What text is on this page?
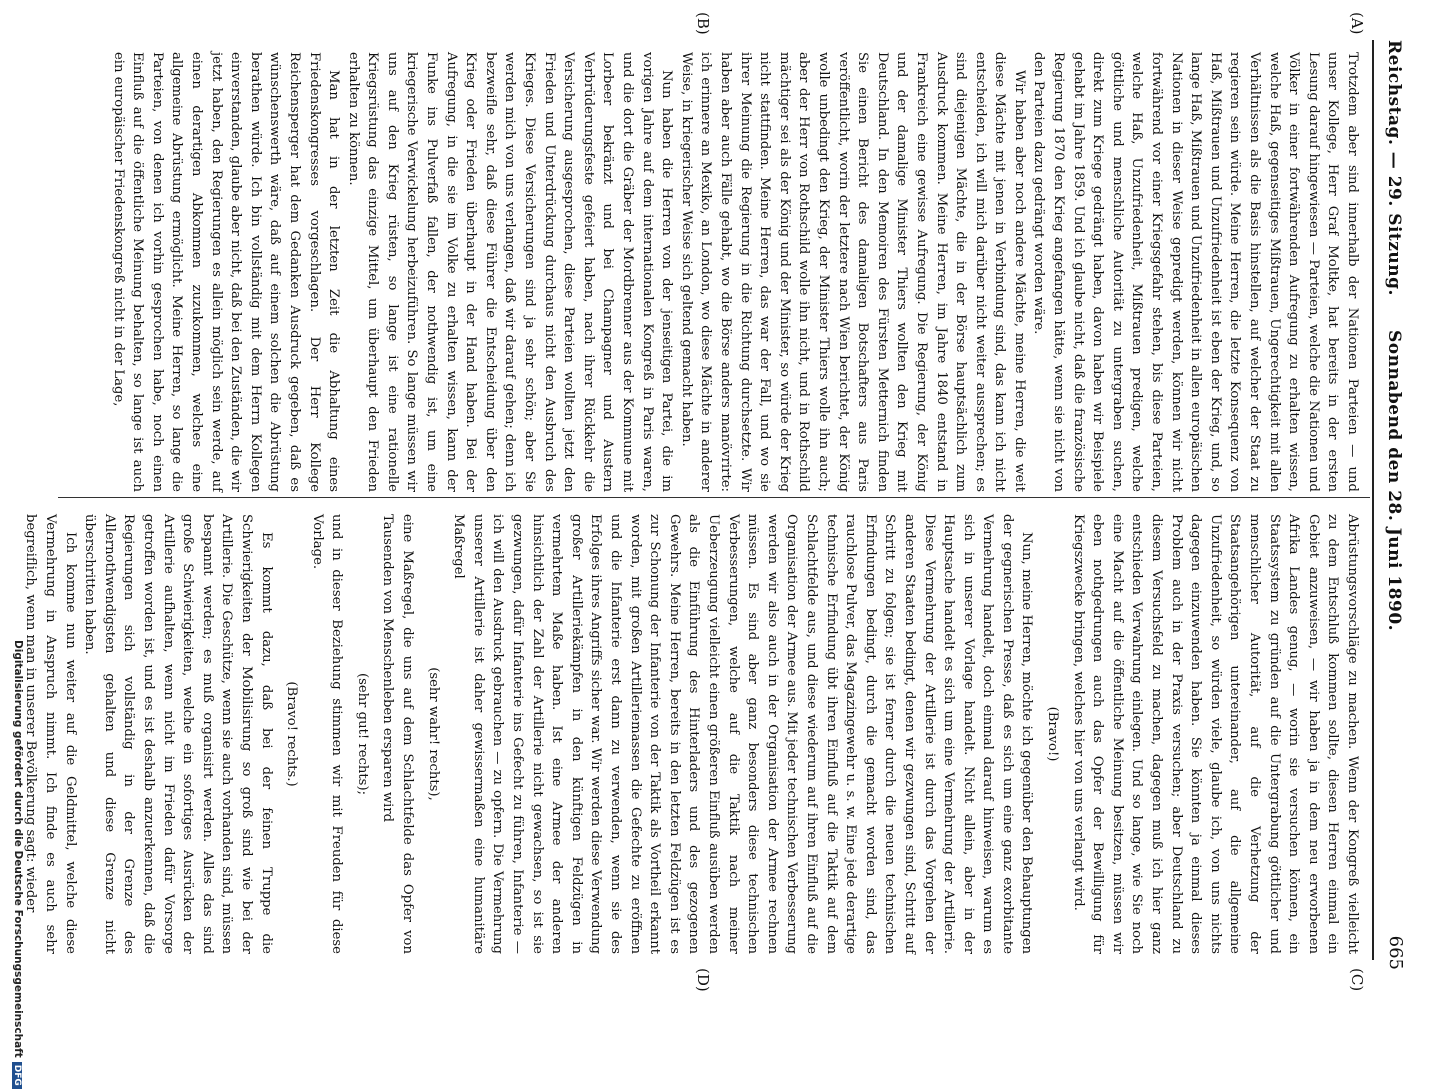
Reichstag. — 29. Sitzung.
Sonnabend den 28. Juni 1890.
665
(A)
(B)
(C)
(D)

Trotzdem aber sind innerhalb der Nationen Parteien — und unser Kollege, Herr Graf Moltke, hat bereits in der ersten Lesung darauf hingewiesen — Parteien, welche die Nationen und Völker in einer fortwährenden Aufregung zu erhalten wissen, welche Haß, gegenseitiges Mißtrauen, Ungerechtigkeit mit allen Verhältnissen als die Basis hinstellen, auf welcher der Staat zu regieren sein würde. Meine Herren, die letzte Konsequenz von Haß, Mißtrauen und Unzufriedenheit ist eben der Krieg, und, so lange Haß, Mißtrauen und Unzufriedenheit in allen europäischen Nationen in dieser Weise gepredigt werden, können wir nicht fortwährend vor einer Kriegsgefahr stehen, bis diese Parteien, welche Haß, Unzufriedenheit, Mißtrauen predigen, welche göttliche und menschliche Autorität zu untergraben suchen, direkt zum Kriege gedrängt haben, davon haben wir Beispiele gehabt im Jahre 1859. Und ich glaube nicht, daß die französische Regierung 1870 den Krieg angefangen hätte, wenn sie nicht von den Parteien dazu gedrängt worden wäre.

Wir haben aber noch andere Mächte, meine Herren, die weit diese Mächte mit jenen in Verbindung sind, das kann ich nicht entscheiden, ich will mich darüber nicht weiter aussprechen; es sind diejenigen Mächte, die in der Börse hauptsächlich zum Ausdruck kommen. Meine Herren, im Jahre 1840 entstand in Frankreich eine gewisse Aufregung. Die Regierung, der König und der damalige Minister Thiers wollten den Krieg mit Deutschland. In den Memoiren des Fürsten Metternich finden Sie einen Bericht des damaligen Botschafters aus Paris veröffentlicht, worin der letztere nach Wien berichtet, der König wolle unbedingt den Krieg, der Minister Thiers wolle ihn auch; aber der Herr von Rothschild wolle ihn nicht, und in Rothschild mächtiger sei als der König und der Minister, so würde der Krieg nicht stattfinden. Meine Herren, das war der Fall, und wo sie ihrer Meinung die Regierung in die Richtung durchsetzte. Wir haben aber auch Fälle gehabt, wo die Börse anders manövrirte: ich erinnere an Mexiko, an London, wo diese Mächte in anderer Weise, in kriegerischer Weise sich geltend gemacht haben.

Nun haben die Herren von der jenseitigen Partei, die im vorigen Jahre auf dem internationalen Kongreß in Paris waren, und die dort die Gräber der Mordbrenner aus der Kommune mit Lorbeer bekränzt und bei Champagner und Austern Verbrüderungsfeste gefeiert haben, nach ihrer Rückkehr die Versicherung ausgesprochen, diese Parteien wollten jetzt den Frieden und Unterdrückung durchaus nicht den Ausbruch des Krieges. Diese Versicherungen sind ja sehr schön; aber Sie werden mich von uns verlangen, daß wir darauf gehen; denn ich bezweifle sehr, daß diese Führer die Entscheidung über den Krieg oder Frieden überhaupt in der Hand haben. Bei der Aufregung, in die sie im Volke zu erhalten wissen, kann der Funke ins Pulverfaß fallen, der nothwendig ist, um eine kriegerische Verwickelung herbeizuführen. So lange müssen wir uns auf den Krieg rüsten, so lange ist eine rationelle Kriegsrüstung das einzige Mittel, um überhaupt den Frieden erhalten zu können.

Man hat in der letzten Zeit die Abhaltung eines Friedenskongresses vorgeschlagen. Der Herr Kollege Reichensperger hat dem Gedanken Ausdruck gegeben, daß es wünschenswerth wäre, daß auf einem solchen die Abrüstung berathen würde. Ich bin vollständig mit dem Herrn Kollegen einverstanden, glaube aber nicht, daß bei den Zuständen, die wir jetzt haben, den Regierungen es allein möglich sein werde, auf einen derartigen Abkommen zuzukommen, welches eine allgemeine Abrüstung ermöglicht. Meine Herren, so lange die Parteien, von denen ich vorhin gesprochen habe, noch einen Einfluß auf die öffentliche Meinung behalten, so lange ist auch ein europäischer Friedenskongreß nicht in der Lage,

Abrüstungsvorschläge zu machen. Wenn der Kongreß vielleicht zu dem Entschluß kommen sollte, diesen Herren einmal ein Gebiet anzuweisen, — wir haben ja in dem neu erworbenen Afrika Landes genug, — worin sie versuchen können, ein Staatssystem zu gründen auf die Untergrabung göttlicher und menschlicher Autorität, auf die Verhetzung der Staatsangehörigen untereinander, auf die allgemeine Unzufriedenheit, so würden viele, glaube ich, von uns nichts dagegen einzuwenden haben. Sie könnten ja einmal dieses Problem auch in der Praxis versuchen; aber Deutschland zu diesem Versuchsfeld zu machen, dagegen muß ich hier ganz entschieden Verwahrung einlegen. Und so lange, wie Sie noch eine Macht auf die öffentliche Meinung besitzen, müssen wir eben nothgedrungen auch das Opfer der Bewilligung für Kriegszwecke bringen, welches hier von uns verlangt wird.

(Bravo!)

Nun, meine Herren, möchte ich gegenüber den Behauptungen der gegnerischen Presse, daß es sich um eine ganz exorbitante Vermehrung handelt, doch einmal darauf hinweisen, warum es sich in unserer Vorlage handelt. Nicht allein, aber in der Hauptsache handelt es sich um eine Vermehrung der Artillerie. Diese Vermehrung der Artillerie ist durch das Vorgehen der anderen Staaten bedingt, denen wir gezwungen sind, Schritt auf Schritt zu folgen; sie ist ferner durch die neuen technischen Erfindungen bedingt, durch die gemacht worden sind, das rauchlose Pulver, das Magazingewehr u. s. w. Eine jede derartige technische Erfindung übt ihren Einfluß auf die Taktik auf dem Schlachtfelde aus, und diese wiederum auf ihren Einfluß auf die Organisation der Armee aus. Mit jeder technischen Verbesserung werden wir also auch in der Organisation der Armee rechnen müssen. Es sind aber ganz besonders diese technischen Verbesserungen, welche auf die Taktik nach meiner Ueberzeugung vielleicht einen größeren Einfluß ausüben werden als die Einführung des Hinterladers und des gezogenen Gewehrs. Meine Herren, bereits in den letzten Feldzügen ist es zur Schonung der Infanterie von der Taktik als Vortheil erkannt worden, mit großen Artilleriemassen die Gefechte zu eröffnen und die Infanterie erst dann zu verwenden, wenn sie des Erfolges ihres Angriffs sicher war. Wir werden diese Verwendung großer Artilleriekämpfen in den künftigen Feldzügen in vermehrtem Maße haben. Ist eine Armee der anderen hinsichtlich der Zahl der Artillerie nicht gewachsen, so ist sie gezwungen, dafür Infanterie ins Gefecht zu führen, Infanterie — ich will den Ausdruck gebrauchen — zu opfern. Die Vermehrung unserer Artillerie ist daher gewissermaßen eine humanitäre Maßregel

(sehr wahr! rechts),

eine Maßregel, die uns auf dem Schlachtfelde das Opfer von Tausenden von Menschenleben ersparen wird

(sehr gut! rechts);

und in dieser Beziehung stimmen wir mit Freuden für diese Vorlage.

(Bravo! rechts.)

Es kommt dazu, daß bei der feinen Truppe die Schwierigkeiten der Mobilisirung so groß sind wie bei der Artillerie. Die Geschütze, wenn sie auch vorhanden sind, müssen bespannt werden; es muß organisirt werden. Alles das sind große Schwierigkeiten, welche ein sofortiges Ausrücken der Artillerie aufhalten, wenn nicht im Frieden dafür Vorsorge getroffen worden ist, und es ist deshalb anzuerkennen, daß die Regierungen sich vollständig in der Grenze des Allernothwendigsten gehalten und diese Grenze nicht überschritten haben.

Ich komme nun weiter auf die Geldmittel, welche diese Vermehrung in Anspruch nimmt. Ich finde es auch sehr begreiflich, wenn man in unserer Bevölkerung sagt: wieder

Digitalisierung gefördert durch die Deutsche ForschungsgemeinschaftDFG
